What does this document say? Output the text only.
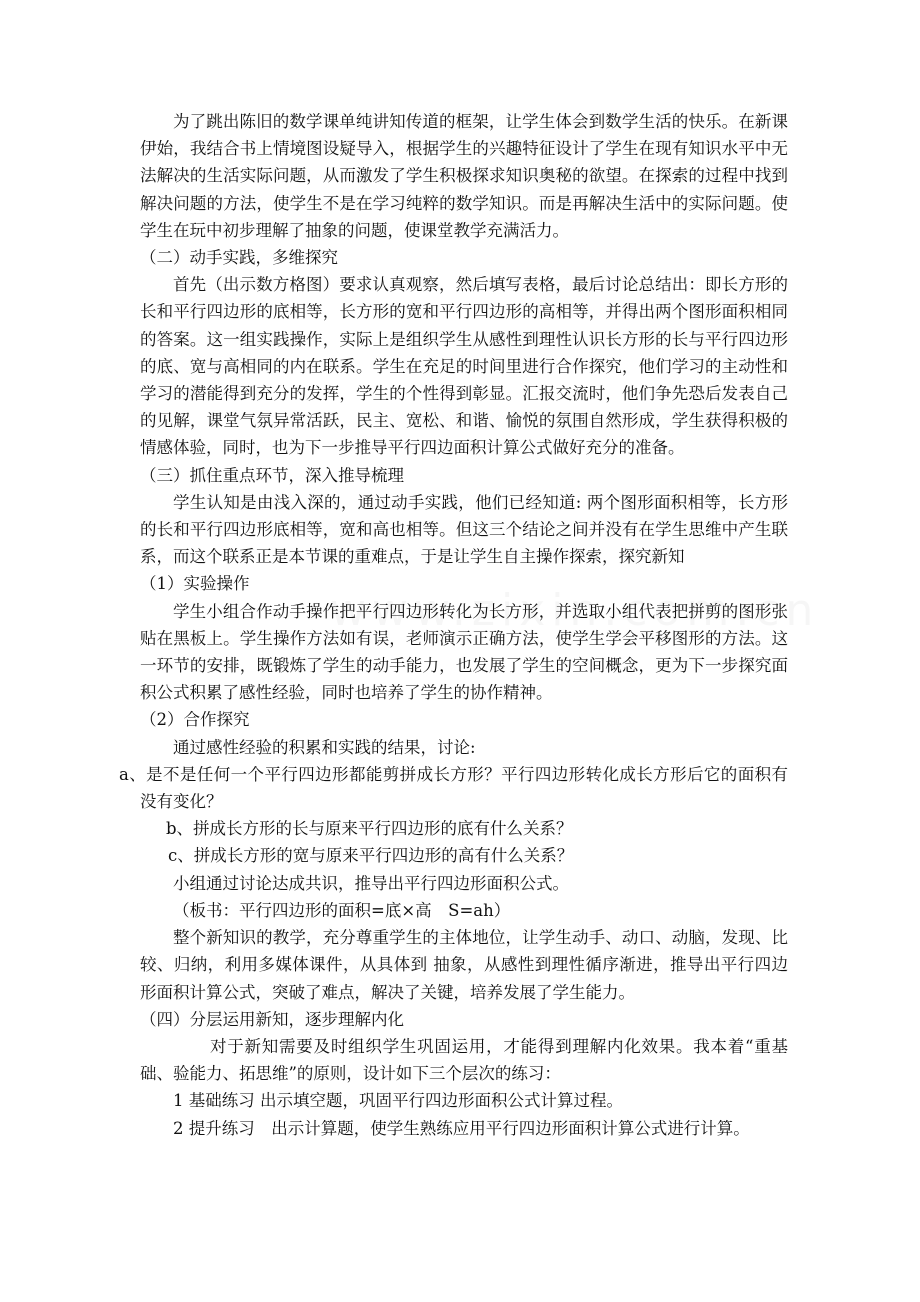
为了跳出陈旧的数学课单纯讲知传道的框架，让学生体会到数学生活的快乐。在新课伊始，我结合书上情境图设疑导入，根据学生的兴趣特征设计了学生在现有知识水平中无法解决的生活实际问题，从而激发了学生积极探求知识奥秘的欲望。在探索的过程中找到解决问题的方法，使学生不是在学习纯粹的数学知识。而是再解决生活中的实际问题。使学生在玩中初步理解了抽象的问题，使课堂教学充满活力。

（二）动手实践，多维探究

首先（出示数方格图）要求认真观察，然后填写表格，最后讨论总结出：即长方形的长和平行四边形的底相等，长方形的宽和平行四边形的高相等，并得出两个图形面积相同的答案。这一组实践操作，实际上是组织学生从感性到理性认识长方形的长与平行四边形的底、宽与高相同的内在联系。学生在充足的时间里进行合作探究，他们学习的主动性和学习的潜能得到充分的发挥，学生的个性得到彰显。汇报交流时，他们争先恐后发表自己的见解，课堂气氛异常活跃，民主、宽松、和谐、愉悦的氛围自然形成，学生获得积极的情感体验，同时，也为下一步推导平行四边面积计算公式做好充分的准备。

（三）抓住重点环节，深入推导梳理

学生认知是由浅入深的，通过动手实践，他们已经知道: 两个图形面积相等，长方形的长和平行四边形底相等，宽和高也相等。但这三个结论之间并没有在学生思维中产生联系，而这个联系正是本节课的重难点，于是让学生自主操作探索，探究新知

（1）实验操作

学生小组合作动手操作把平行四边形转化为长方形，并选取小组代表把拼剪的图形张贴在黑板上。学生操作方法如有误，老师演示正确方法，使学生学会平移图形的方法。这一环节的安排，既锻炼了学生的动手能力，也发展了学生的空间概念，更为下一步探究面积公式积累了感性经验，同时也培养了学生的协作精神。

（2）合作探究

通过感性经验的积累和实践的结果，讨论:

a、是不是任何一个平行四边形都能剪拼成长方形？平行四边形转化成长方形后它的面积有没有变化？

b、拼成长方形的长与原来平行四边形的底有什么关系？

c、拼成长方形的宽与原来平行四边形的高有什么关系？

小组通过讨论达成共识，推导出平行四边形面积公式。

（板书：平行四边形的面积=底×高　S=ah）

整个新知识的教学，充分尊重学生的主体地位，让学生动手、动口、动脑，发现、比较、归纳，利用多媒体课件，从具体到 抽象，从感性到理性循序渐进，推导出平行四边形面积计算公式，突破了难点，解决了关键，培养发展了学生能力。

（四）分层运用新知，逐步理解内化

对于新知需要及时组织学生巩固运用，才能得到理解内化效果。我本着“重基础、验能力、拓思维”的原则，设计如下三个层次的练习：

1 基础练习 出示填空题，巩固平行四边形面积公式计算过程。

2 提升练习　出示计算题，使学生熟练应用平行四边形面积计算公式进行计算。
